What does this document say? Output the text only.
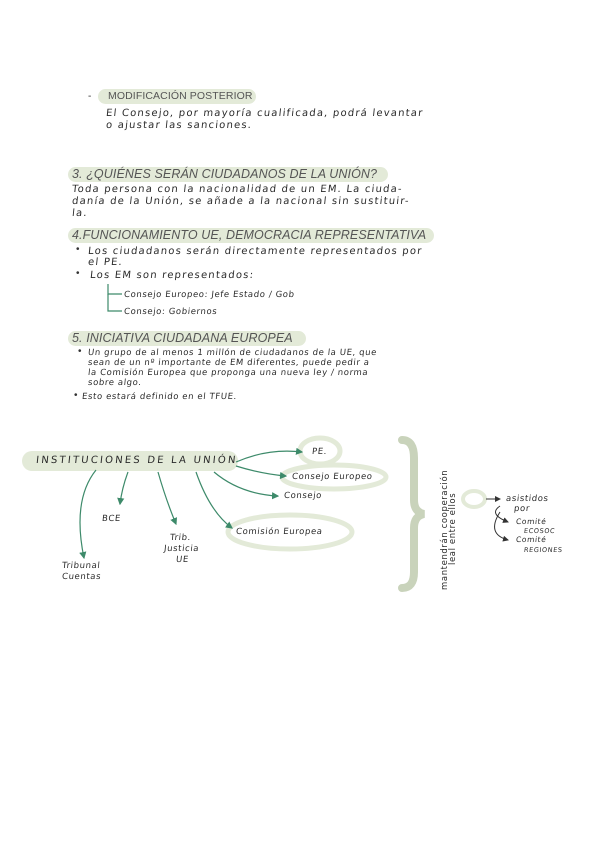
- MODIFICACIÓN POSTERIOR
El Consejo, por mayoría cualificada, podrá levantar
o ajustar las sanciones.
3. ¿QUIÉNES SERÁN CIUDADANOS DE LA UNIÓN?
Toda persona con la nacionalidad de un EM. La ciuda-
danía de la Unión, se añade a la nacional sin sustituir-
la.
4.FUNCIONAMIENTO UE, DEMOCRACIA REPRESENTATIVA
• Los ciudadanos serán directamente representados por
el PE.
• Los EM son representados:
Consejo Europeo: Jefe Estado / Gob
Consejo: Gobiernos
5. INICIATIVA CIUDADANA EUROPEA
• Un grupo de al menos 1 millón de ciudadanos de la UE, que
sean de un nº importante de EM diferentes, puede pedir a
la Comisión Europea que proponga una nueva ley / norma
sobre algo.
• Esto estará definido en el TFUE.
INSTITUCIONES DE LA UNIÓN
PE.
Consejo Europeo
Consejo
Comisión Europea
BCE
Trib.
Justicia
UE
Tribunal
Cuentas	mantendrán cooperación
leal entre ellos	asistidos
por
Comité
ECOSOC
Comité
REGIONES
